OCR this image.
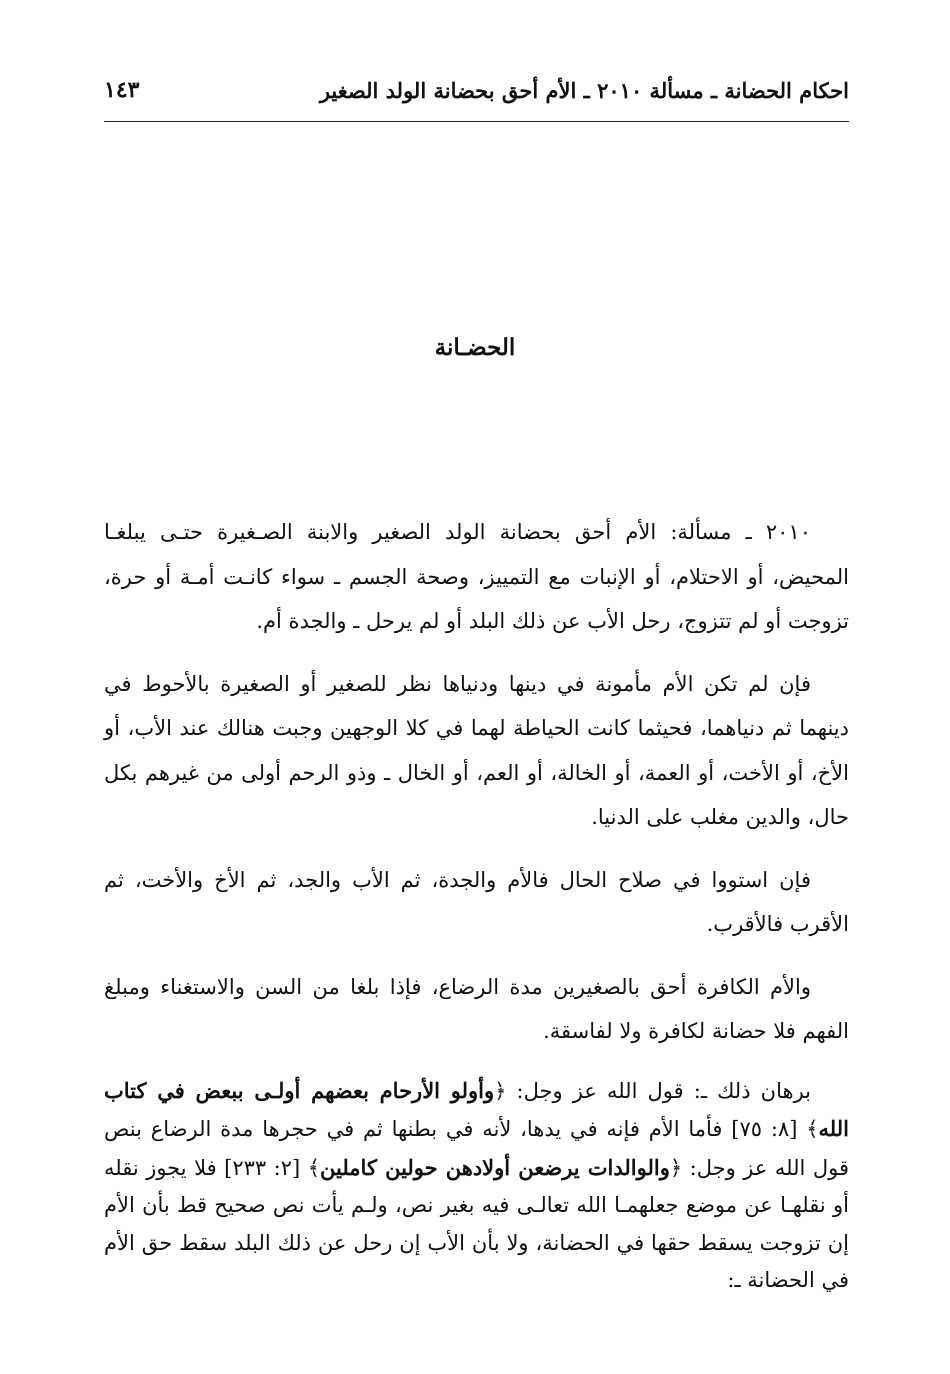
احكام الحضانة ـ مسألة ٢٠١٠ ـ الأم أحق بحضانة الولد الصغير
١٤٣
الحضـانة

٢٠١٠ ـ مسألة: الأم أحق بحضانة الولد الصغير والابنة الصـغيرة حتـى يبلغـا المحيض، أو الاحتلام، أو الإنبات مع التمييز، وصحة الجسم ـ سواء كانـت أمـة أو حرة، تزوجت أو لم تتزوج، رحل الأب عن ذلك البلد أو لم يرحل ـ والجدة أم.

فإن لم تكن الأم مأمونة في دينها ودنياها نظر للصغير أو الصغيرة بالأحوط في دينهما ثم دنياهما، فحيثما كانت الحياطة لهما في كلا الوجهين وجبت هنالك عند الأب، أو الأخ، أو الأخت، أو العمة، أو الخالة، أو العم، أو الخال ـ وذو الرحم أولى من غيرهم بكل حال، والدين مغلب على الدنيا.

فإن استووا في صلاح الحال فالأم والجدة، ثم الأب والجد، ثم الأخ والأخت، ثم الأقرب فالأقرب.

والأم الكافرة أحق بالصغيرين مدة الرضاع، فإذا بلغا من السن والاستغناء ومبلغ الفهم فلا حضانة لكافرة ولا لفاسقة.

برهان ذلك ـ: قول الله عز وجل: ﴿وأولو الأرحام بعضهم أولـى ببعض في كتاب الله﴾ [٨: ٧٥] فأما الأم فإنه في يدها، لأنه في بطنها ثم في حجرها مدة الرضاع بنص قول الله عز وجل: ﴿والوالدات يرضعن أولادهن حولين كاملين﴾ [٢: ٢٣٣] فلا يجوز نقله أو نقلهـا عن موضع جعلهمـا الله تعالـى فيه بغير نص، ولـم يأت نص صحيح قط بأن الأم إن تزوجت يسقط حقها في الحضانة، ولا بأن الأب إن رحل عن ذلك البلد سقط حق الأم في الحضانة ـ:
